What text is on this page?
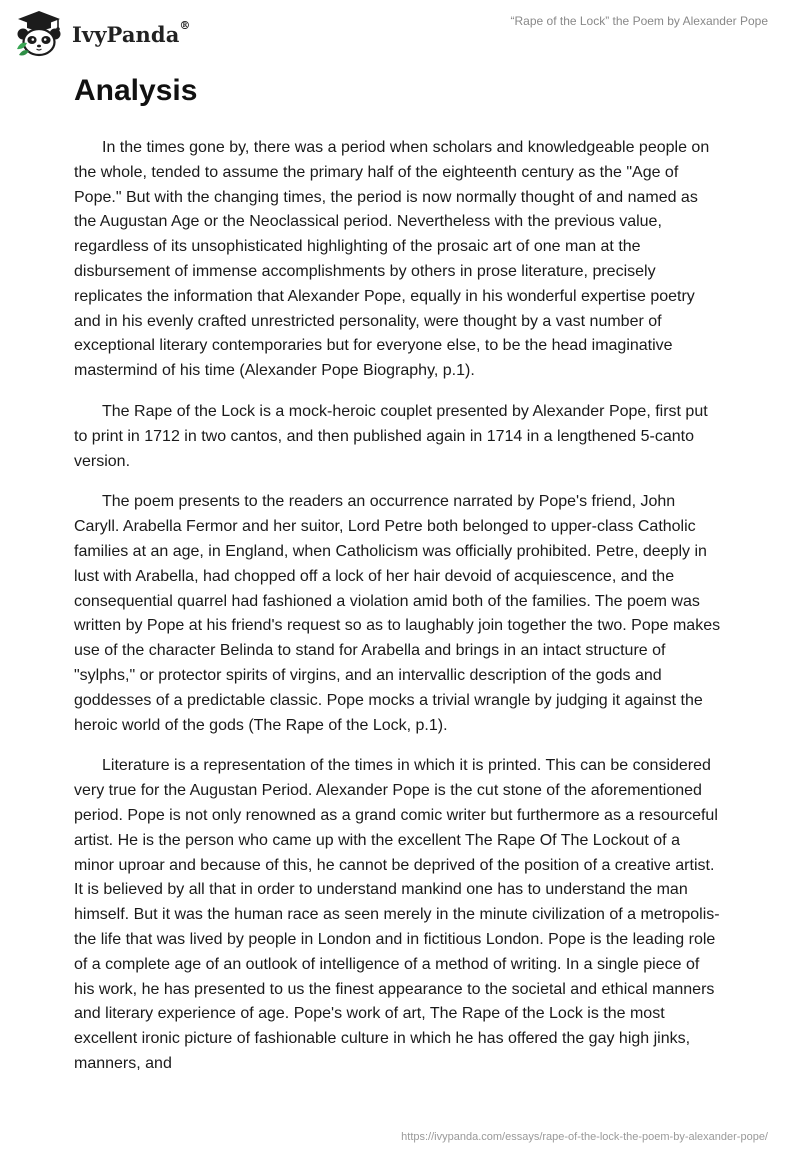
IvyPanda®	“Rape of the Lock” the Poem by Alexander Pope
Analysis

In the times gone by, there was a period when scholars and knowledgeable people on the whole, tended to assume the primary half of the eighteenth century as the "Age of Pope." But with the changing times, the period is now normally thought of and named as the Augustan Age or the Neoclassical period. Nevertheless with the previous value, regardless of its unsophisticated highlighting of the prosaic art of one man at the disbursement of immense accomplishments by others in prose literature, precisely replicates the information that Alexander Pope, equally in his wonderful expertise poetry and in his evenly crafted unrestricted personality, were thought by a vast number of exceptional literary contemporaries but for everyone else, to be the head imaginative mastermind of his time (Alexander Pope Biography, p.1).

The Rape of the Lock is a mock-heroic couplet presented by Alexander Pope, first put to print in 1712 in two cantos, and then published again in 1714 in a lengthened 5-canto version.

The poem presents to the readers an occurrence narrated by Pope's friend, John Caryll. Arabella Fermor and her suitor, Lord Petre both belonged to upper-class Catholic families at an age, in England, when Catholicism was officially prohibited. Petre, deeply in lust with Arabella, had chopped off a lock of her hair devoid of acquiescence, and the consequential quarrel had fashioned a violation amid both of the families. The poem was written by Pope at his friend's request so as to laughably join together the two. Pope makes use of the character Belinda to stand for Arabella and brings in an intact structure of "sylphs," or protector spirits of virgins, and an intervallic description of the gods and goddesses of a predictable classic. Pope mocks a trivial wrangle by judging it against the heroic world of the gods (The Rape of the Lock, p.1).

Literature is a representation of the times in which it is printed. This can be considered very true for the Augustan Period. Alexander Pope is the cut stone of the aforementioned period. Pope is not only renowned as a grand comic writer but furthermore as a resourceful artist. He is the person who came up with the excellent The Rape Of The Lockout of a minor uproar and because of this, he cannot be deprived of the position of a creative artist. It is believed by all that in order to understand mankind one has to understand the man himself. But it was the human race as seen merely in the minute civilization of a metropolis- the life that was lived by people in London and in fictitious London. Pope is the leading role of a complete age of an outlook of intelligence of a method of writing. In a single piece of his work, he has presented to us the finest appearance to the societal and ethical manners and literary experience of age. Pope's work of art, The Rape of the Lock is the most excellent ironic picture of fashionable culture in which he has offered the gay high jinks, manners, and

https://ivypanda.com/essays/rape-of-the-lock-the-poem-by-alexander-pope/
